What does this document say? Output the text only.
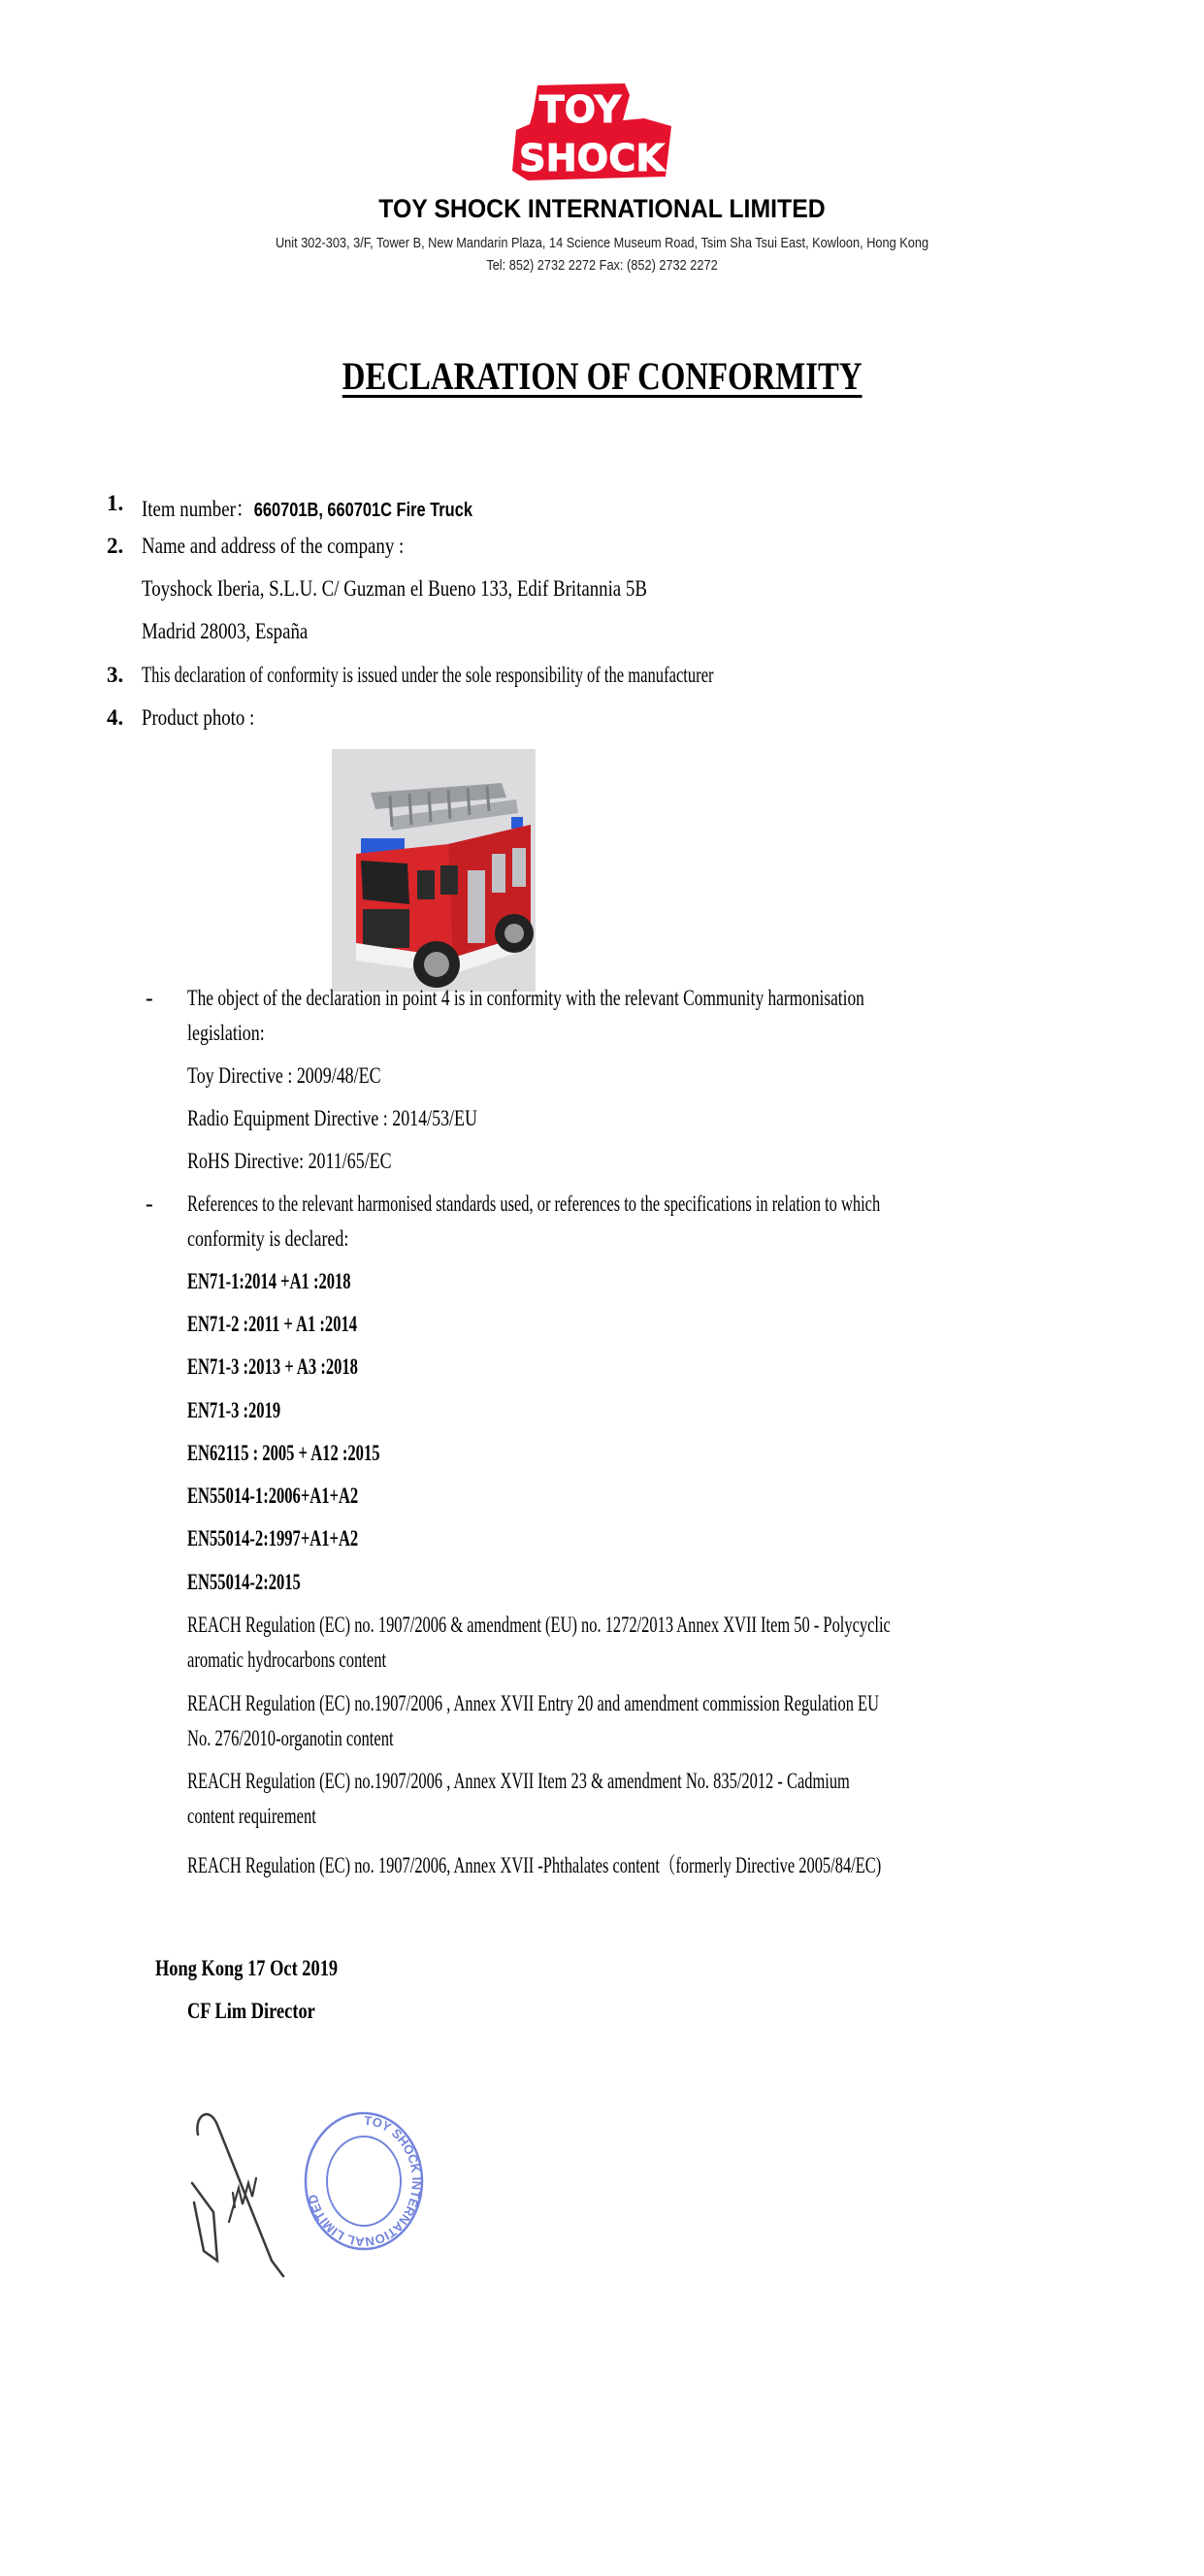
TOY
SHOCK
TOY SHOCK INTERNATIONAL LIMITED
Unit 302-303, 3/F, Tower B, New Mandarin Plaza, 14 Science Museum Road, Tsim Sha Tsui East, Kowloon, Hong Kong
Tel: 852) 2732 2272 Fax: (852) 2732 2272
DECLARATION OF CONFORMITY
1. Item number：660701B, 660701C Fire Truck
2. Name and address of the company :
Toyshock Iberia, S.L.U. C/ Guzman el Bueno 133, Edif Britannia 5B
Madrid 28003, España
3. This declaration of conformity is issued under the sole responsibility of the manufacturer
4. Product photo :
- The object of the declaration in point 4 is in conformity with the relevant Community harmonisation
legislation:
Toy Directive : 2009/48/EC
Radio Equipment Directive : 2014/53/EU
RoHS Directive: 2011/65/EC
- References to the relevant harmonised standards used, or references to the specifications in relation to which
conformity is declared:
EN71-1:2014 +A1 :2018
EN71-2 :2011 + A1 :2014
EN71-3 :2013 + A3 :2018
EN71-3 :2019
EN62115 : 2005 + A12 :2015
EN55014-1:2006+A1+A2
EN55014-2:1997+A1+A2
EN55014-2:2015
REACH Regulation (EC) no. 1907/2006 & amendment (EU) no. 1272/2013 Annex XVII Item 50 - Polycyclic
aromatic hydrocarbons content
REACH Regulation (EC) no.1907/2006 , Annex XVII Entry 20 and amendment commission Regulation EU
No. 276/2010-organotin content
REACH Regulation (EC) no.1907/2006 , Annex XVII Item 23 & amendment No. 835/2012 - Cadmium
content requirement
REACH Regulation (EC) no. 1907/2006, Annex XVII -Phthalates content（formerly Directive 2005/84/EC)
Hong Kong 17 Oct 2019
CF Lim Director
TOY SHOCK INTERNATIONAL LIMITED
